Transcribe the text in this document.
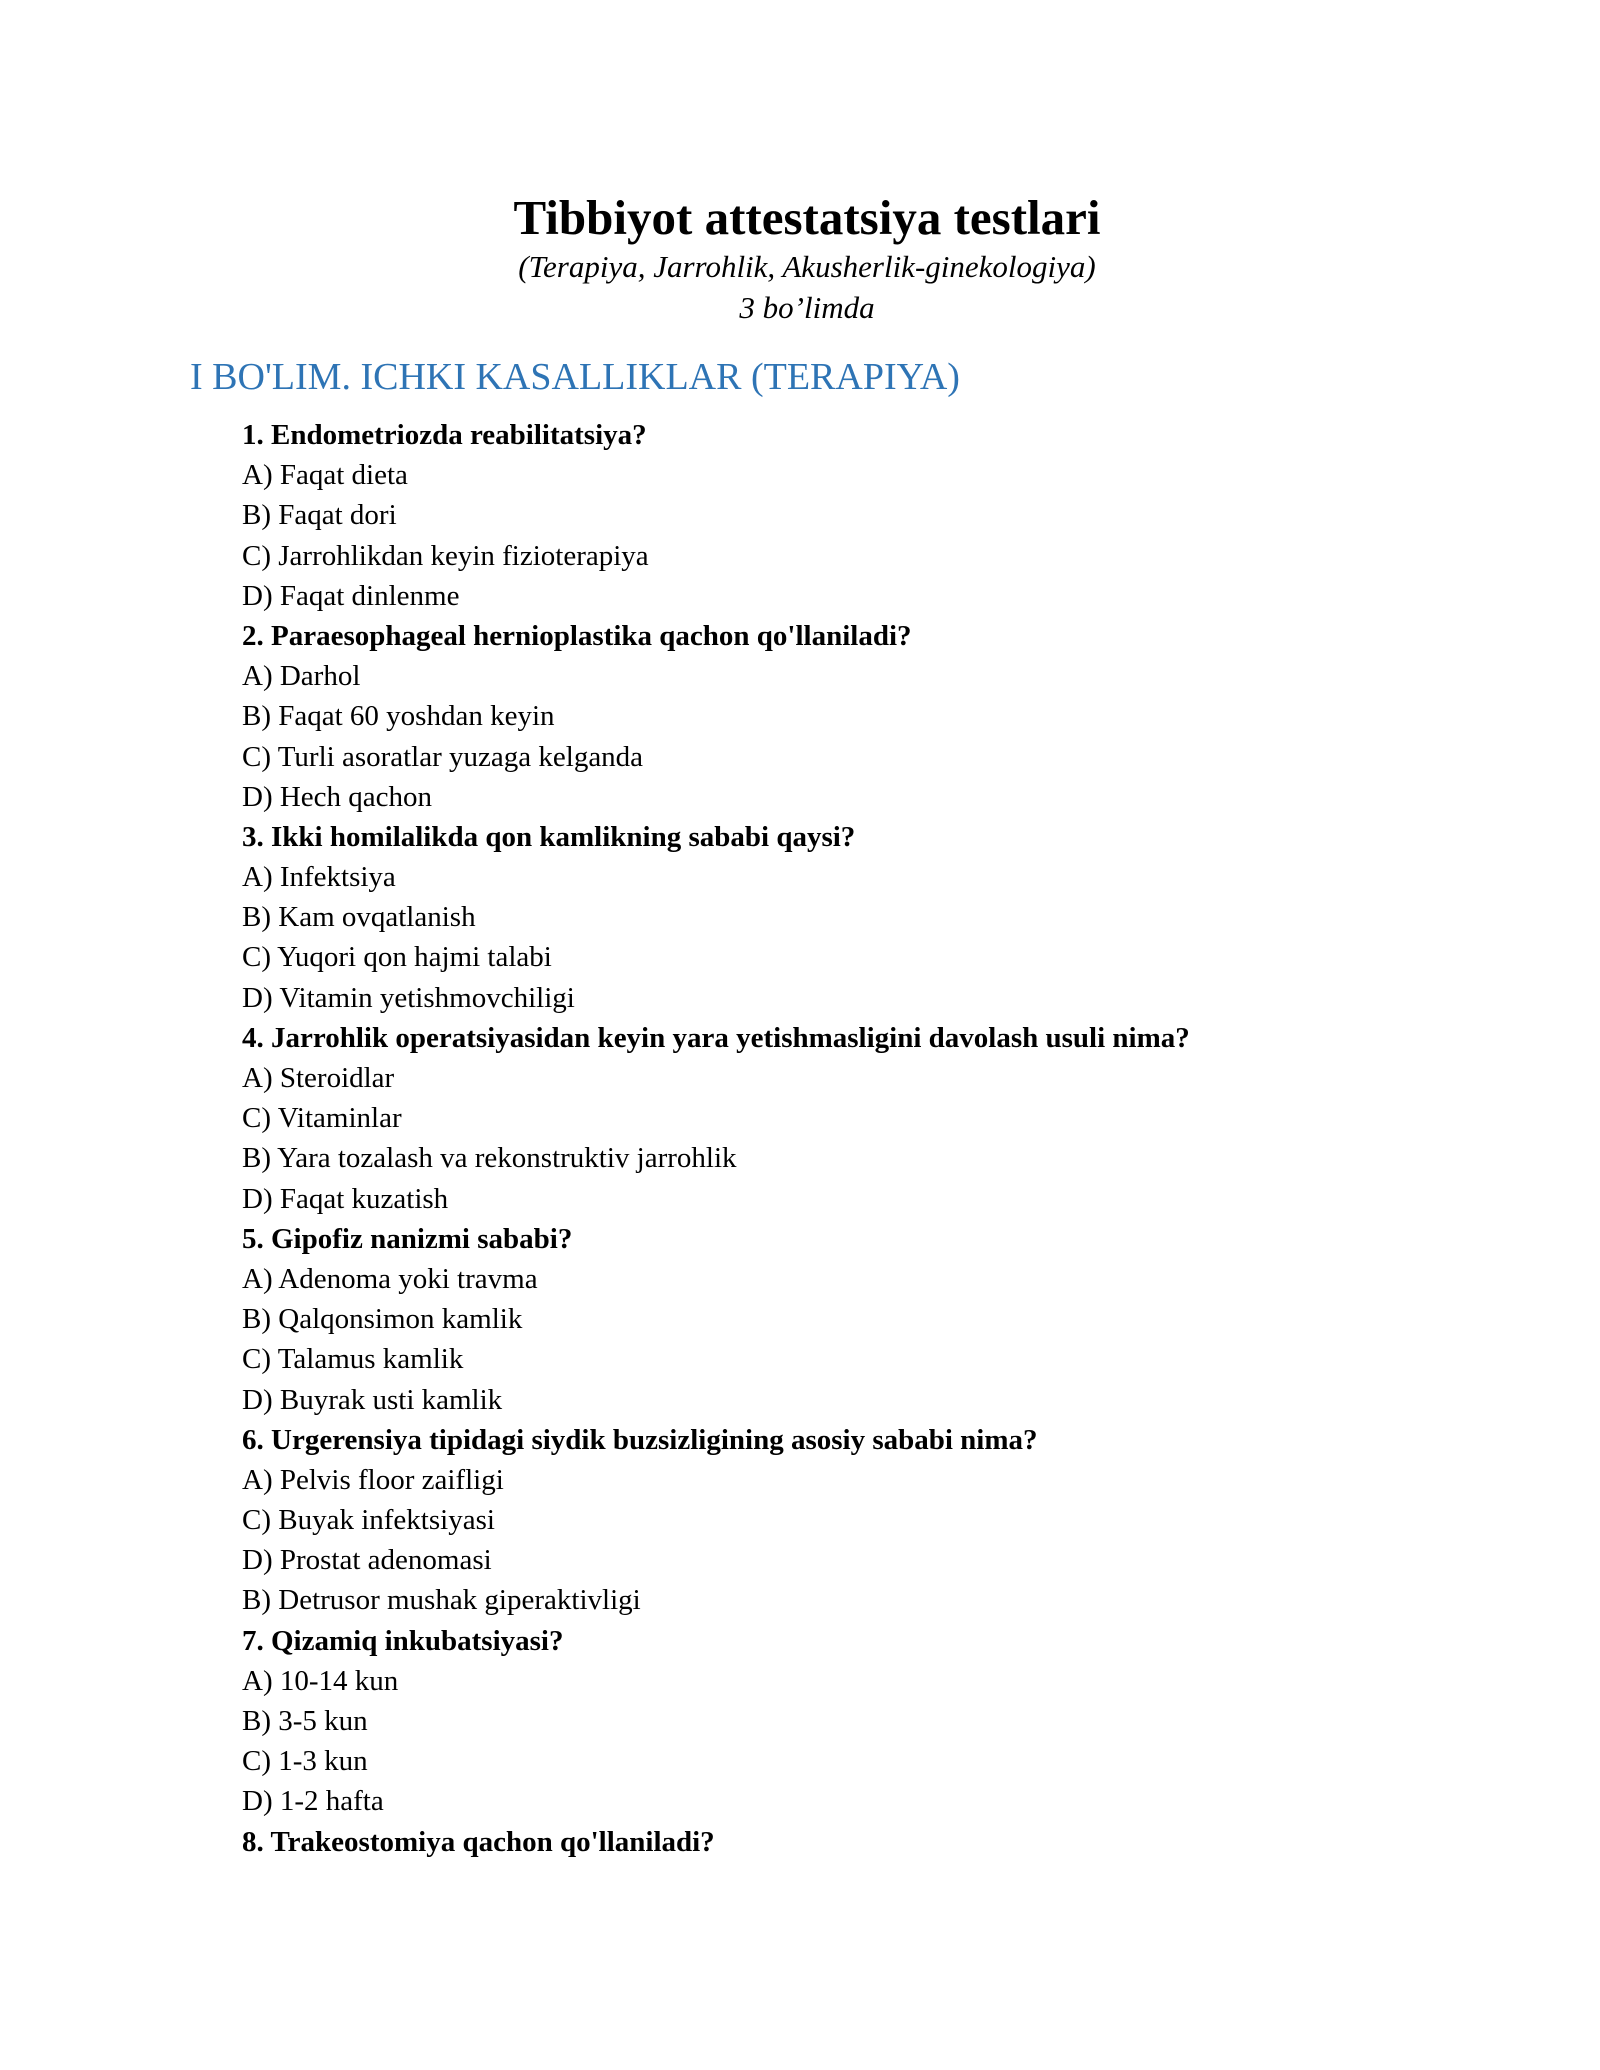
Tibbiyot attestatsiya testlari
(Terapiya, Jarrohlik, Akusherlik-ginekologiya)
3 bo’limda
I BO'LIM. ICHKI KASALLIKLAR (TERAPIYA)
1. Endometriozda reabilitatsiya?
A) Faqat dieta
B) Faqat dori
C) Jarrohlikdan keyin fizioterapiya
D) Faqat dinlenme
2. Paraesophageal hernioplastika qachon qo'llaniladi?
A) Darhol
B) Faqat 60 yoshdan keyin
C) Turli asoratlar yuzaga kelganda
D) Hech qachon
3. Ikki homilalikda qon kamlikning sababi qaysi?
A) Infektsiya
B) Kam ovqatlanish
C) Yuqori qon hajmi talabi
D) Vitamin yetishmovchiligi
4. Jarrohlik operatsiyasidan keyin yara yetishmasligini davolash usuli nima?
A) Steroidlar
C) Vitaminlar
B) Yara tozalash va rekonstruktiv jarrohlik
D) Faqat kuzatish
5. Gipofiz nanizmi sababi?
A) Adenoma yoki travma
B) Qalqonsimon kamlik
C) Talamus kamlik
D) Buyrak usti kamlik
6. Urgerensiya tipidagi siydik buzsizligining asosiy sababi nima?
A) Pelvis floor zaifligi
C) Buyak infektsiyasi
D) Prostat adenomasi
B) Detrusor mushak giperaktivligi
7. Qizamiq inkubatsiyasi?
A) 10-14 kun
B) 3-5 kun
C) 1-3 kun
D) 1-2 hafta
8. Trakeostomiya qachon qo'llaniladi?
